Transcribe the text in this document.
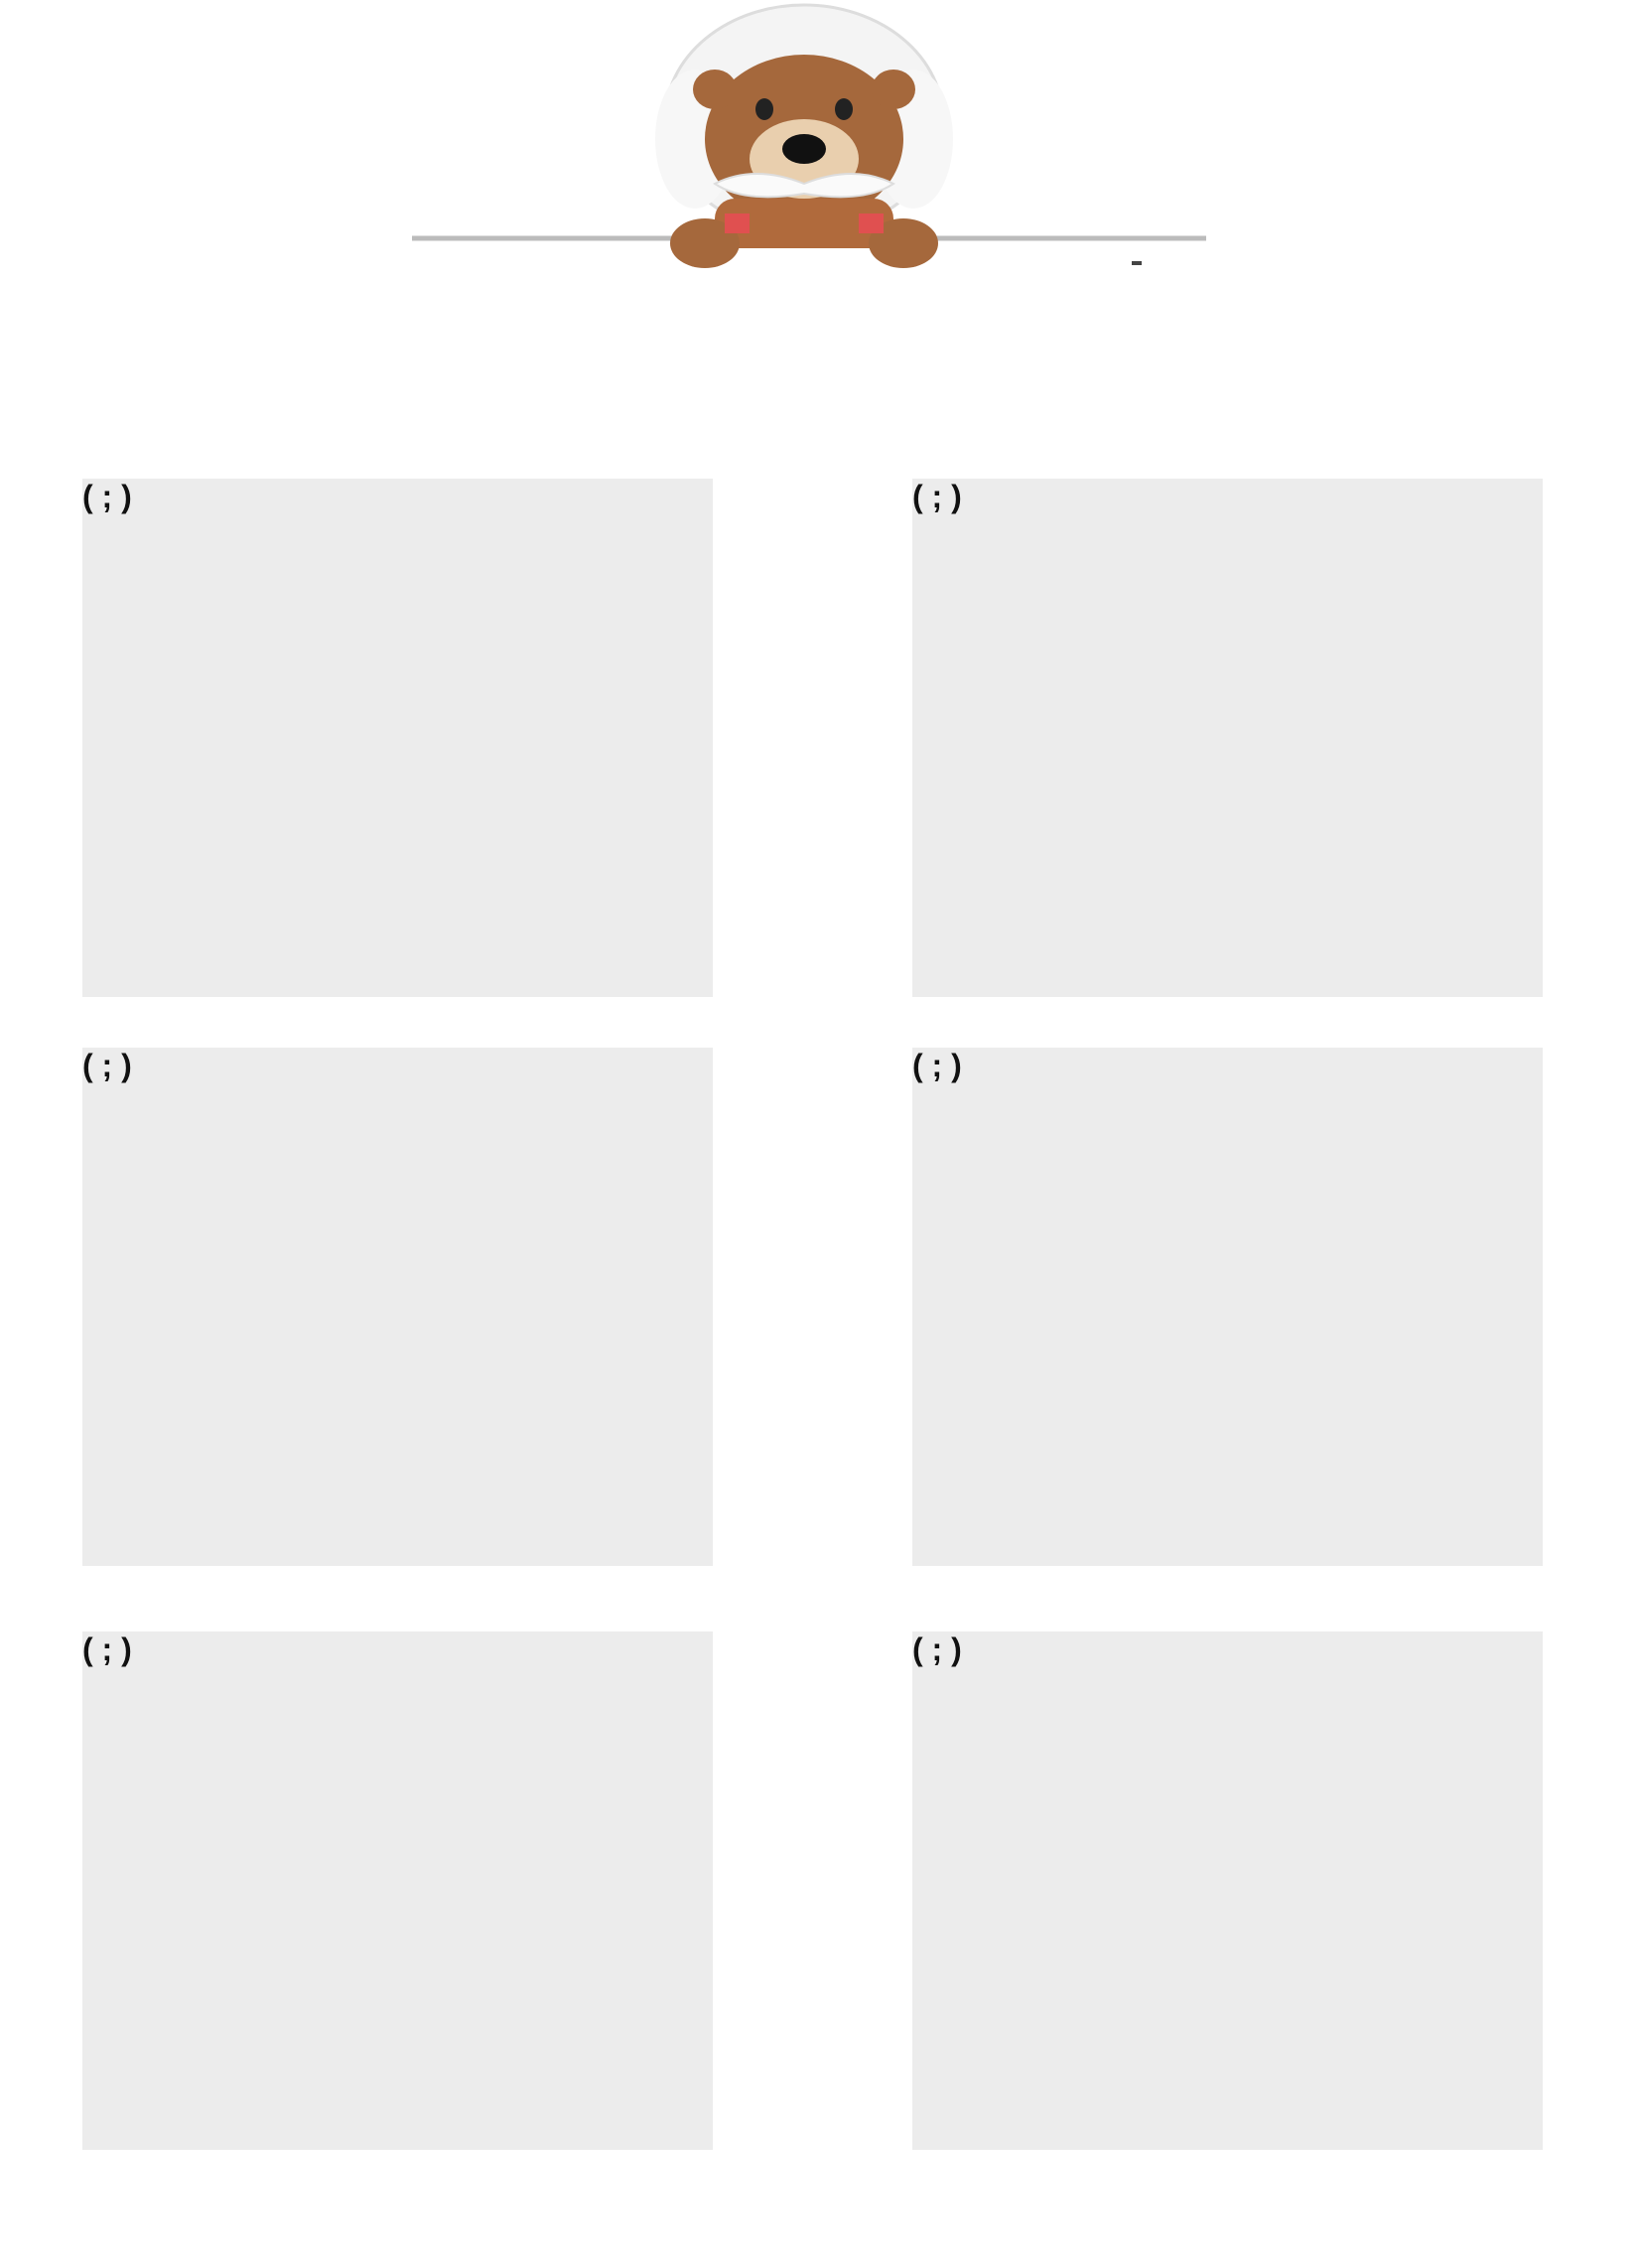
( ; )	( ; )
( ; )	( ; )
( ; )	( ; )
